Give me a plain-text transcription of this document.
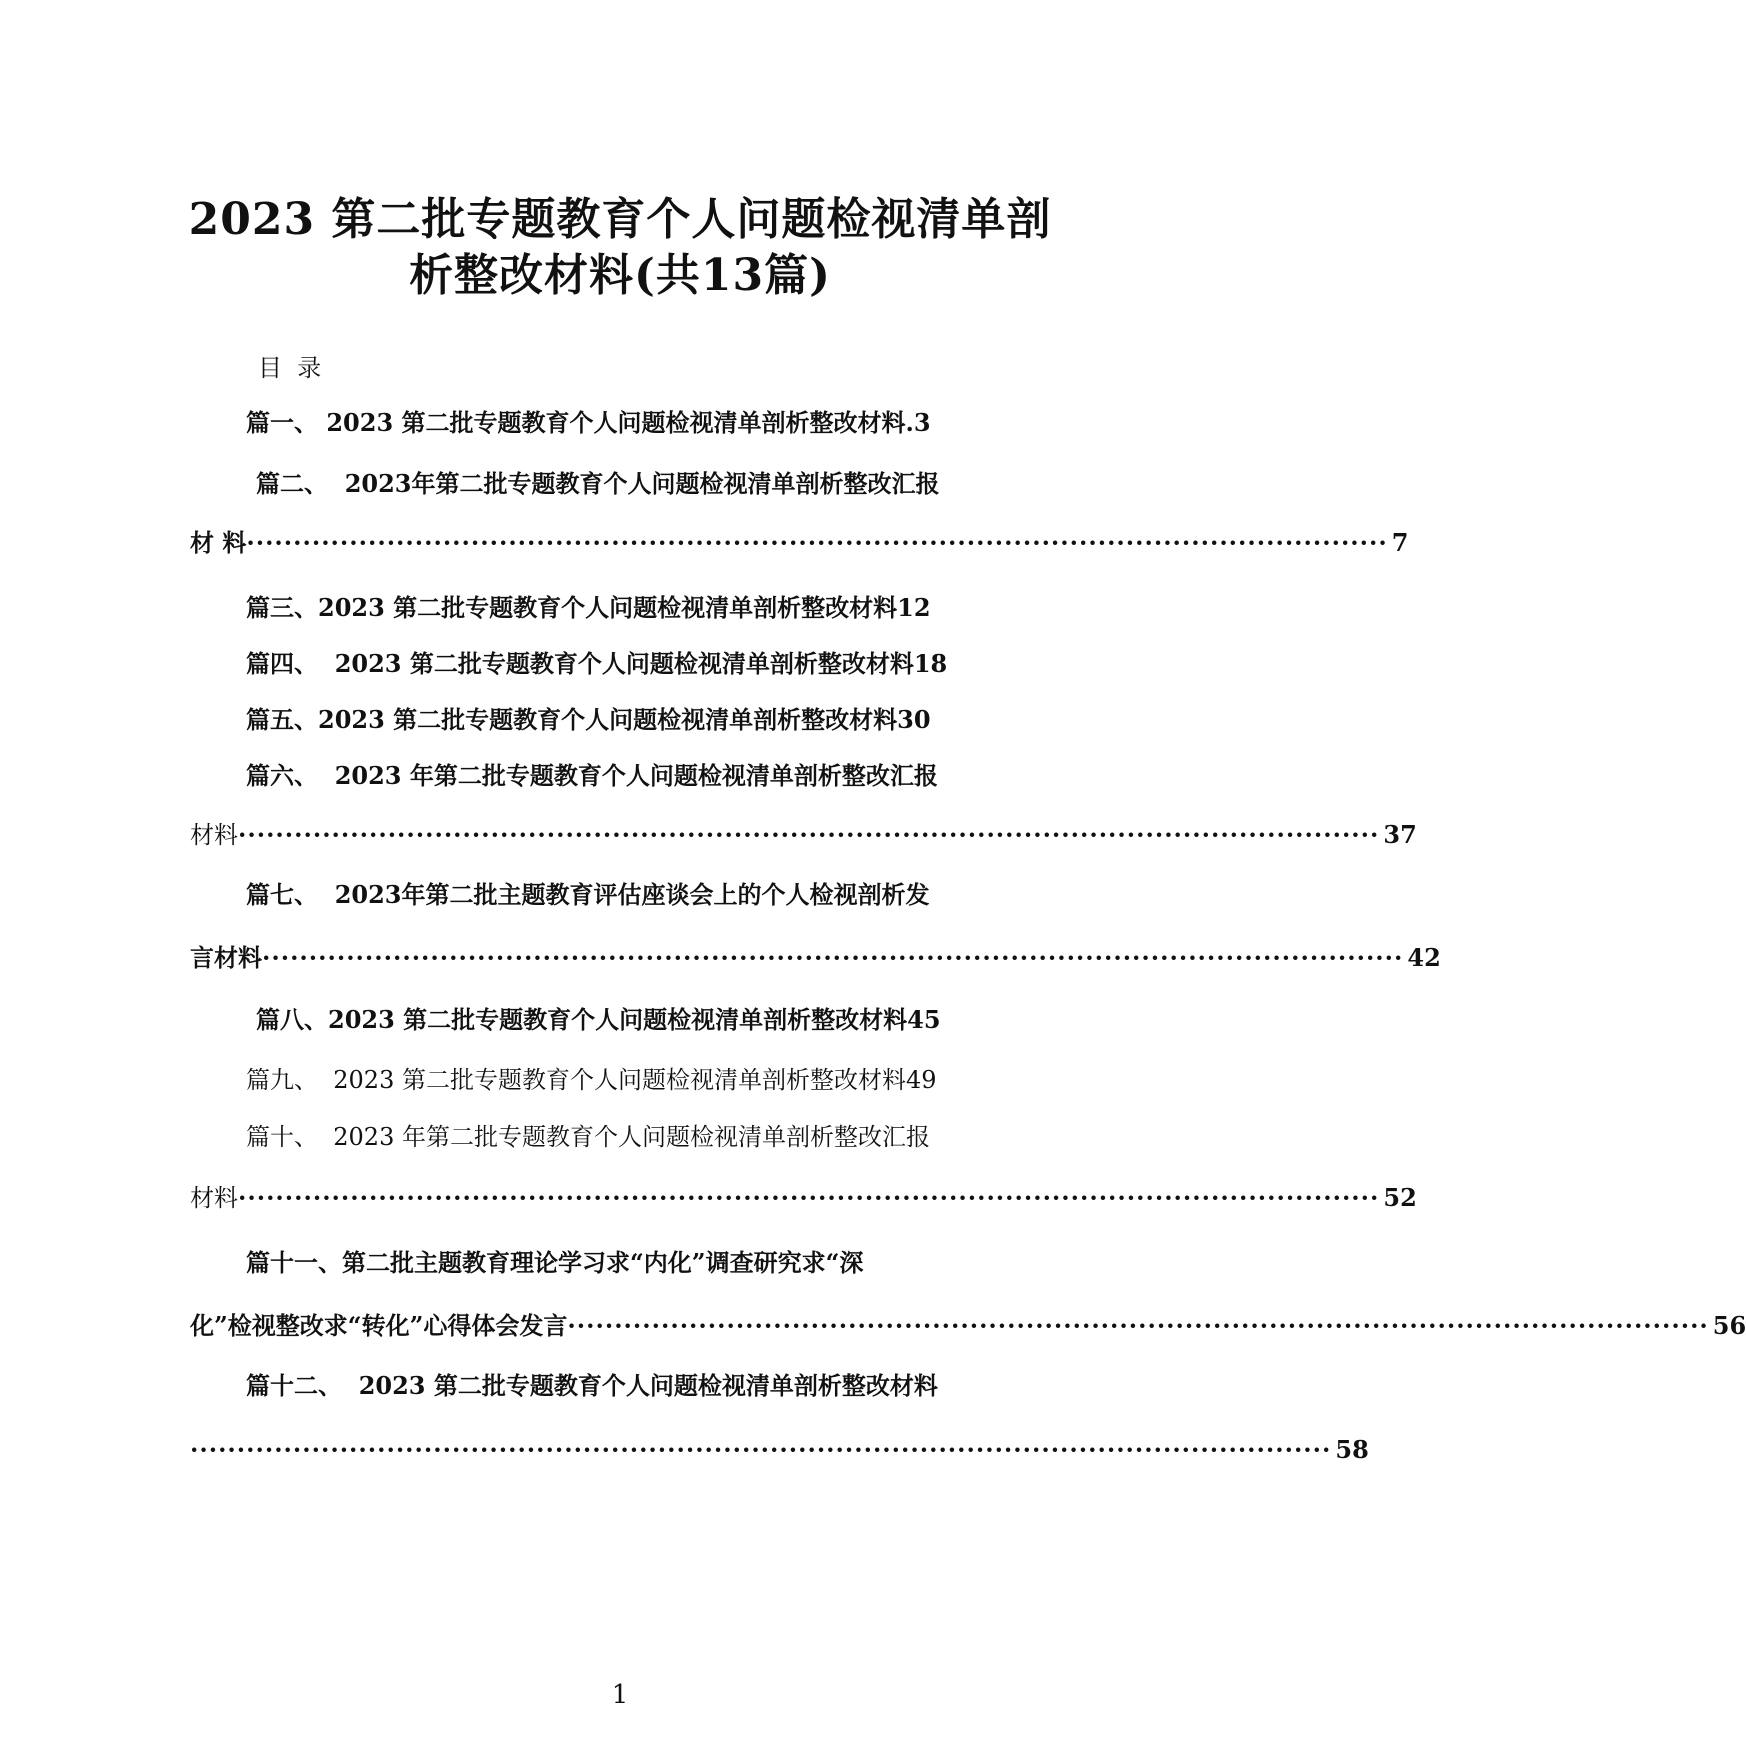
2023 第二批专题教育个人问题检视清单剖
析整改材料(共13篇)
目  录
篇一、 2023 第二批专题教育个人问题检视清单剖析整改材料.3
篇二、  2023年第二批专题教育个人问题检视清单剖析整改汇报
材 料 ·························································································································· 7
篇三、2023 第二批专题教育个人问题检视清单剖析整改材料12
篇四、  2023 第二批专题教育个人问题检视清单剖析整改材料18
篇五、2023 第二批专题教育个人问题检视清单剖析整改材料30
篇六、  2023 年第二批专题教育个人问题检视清单剖析整改汇报
材料 ·························································································································· 37
篇七、  2023年第二批主题教育评估座谈会上的个人检视剖析发
言材料 ·························································································································· 42
篇八、2023 第二批专题教育个人问题检视清单剖析整改材料45
篇九、  2023 第二批专题教育个人问题检视清单剖析整改材料49
篇十、  2023 年第二批专题教育个人问题检视清单剖析整改汇报
材料 ·························································································································· 52
篇十一、第二批主题教育理论学习求“内化”调查研究求“深
化”检视整改求“转化”心得体会发言 ·························································································································· 56
篇十二、  2023 第二批专题教育个人问题检视清单剖析整改材料
·························································································································· 58
1
